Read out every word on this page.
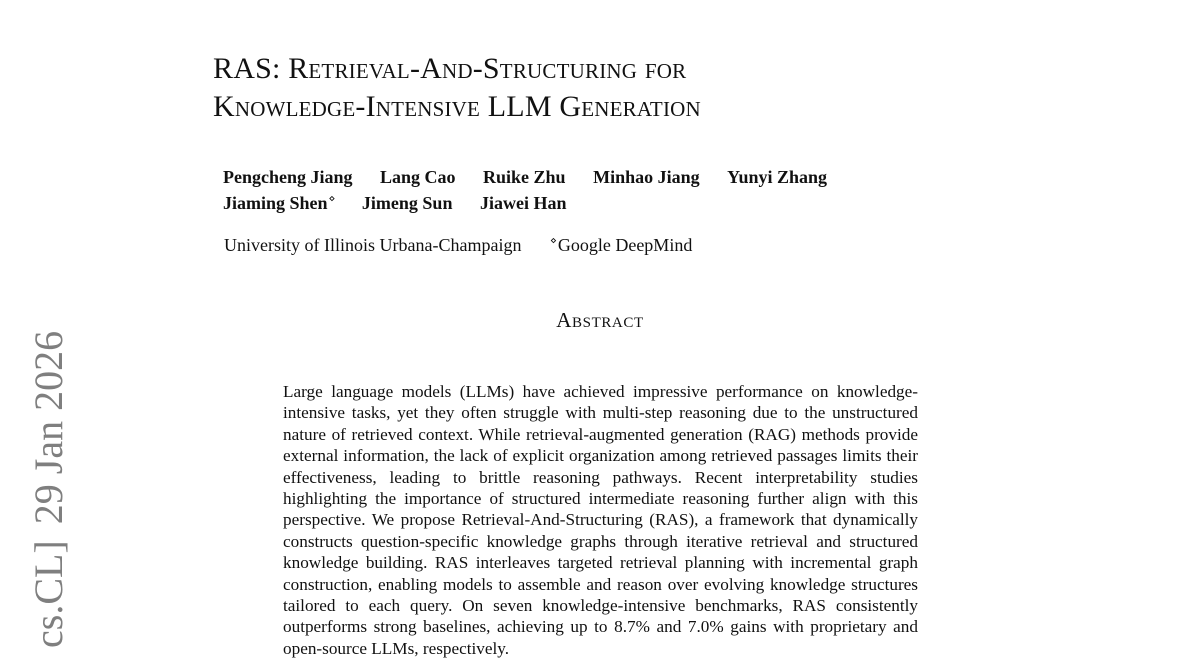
RAS: Retrieval-And-Structuring for
Knowledge-Intensive LLM Generation
Pengcheng Jiang Lang Cao Ruike Zhu Minhao Jiang Yunyi Zhang
Jiaming Shen⋄ Jimeng Sun Jiawei Han
University of Illinois Urbana-Champaign	⋄Google DeepMind
Abstract

Large language models (LLMs) have achieved impressive performance on knowledge-intensive tasks, yet they often struggle with multi-step reasoning due to the unstructured nature of retrieved context. While retrieval-augmented generation (RAG) methods provide external information, the lack of explicit organization among retrieved passages limits their effectiveness, leading to brittle reasoning pathways. Recent interpretability studies highlighting the importance of structured intermediate reasoning further align with this perspective. We propose Retrieval-And-Structuring (RAS), a framework that dynamically constructs question-specific knowledge graphs through iterative retrieval and structured knowledge building. RAS interleaves targeted retrieval planning with incremental graph construction, enabling models to assemble and reason over evolving knowledge structures tailored to each query. On seven knowledge-intensive benchmarks, RAS consistently outperforms strong baselines, achieving up to 8.7% and 7.0% gains with proprietary and open-source LLMs, respectively.

cs.CL]29 Jan 2026
